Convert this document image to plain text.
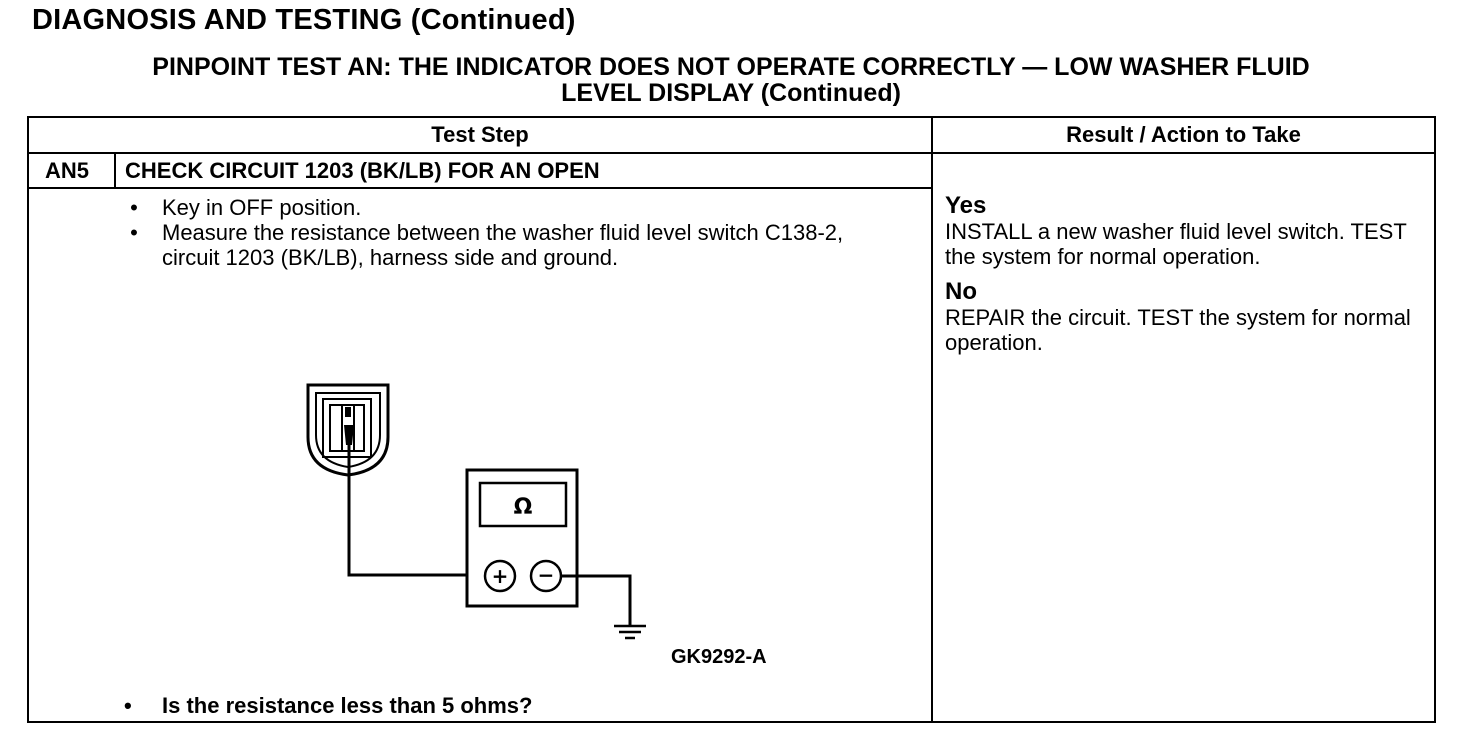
DIAGNOSIS AND TESTING (Continued)
PINPOINT TEST AN: THE INDICATOR DOES NOT OPERATE CORRECTLY — LOW WASHER FLUID
LEVEL DISPLAY (Continued)
Test Step	Result / Action to Take
AN5 CHECK CIRCUIT 1203 (BK/LB) FOR AN OPEN
• Key in OFF position.
• Measure the resistance between the washer fluid level switch C138-2, circuit 1203 (BK/LB), harness side and ground.
Ω
+ −
GK9292-A
• Is the resistance less than 5 ohms?
Yes
INSTALL a new washer fluid level switch. TEST the system for normal operation.
No
REPAIR the circuit. TEST the system for normal operation.
